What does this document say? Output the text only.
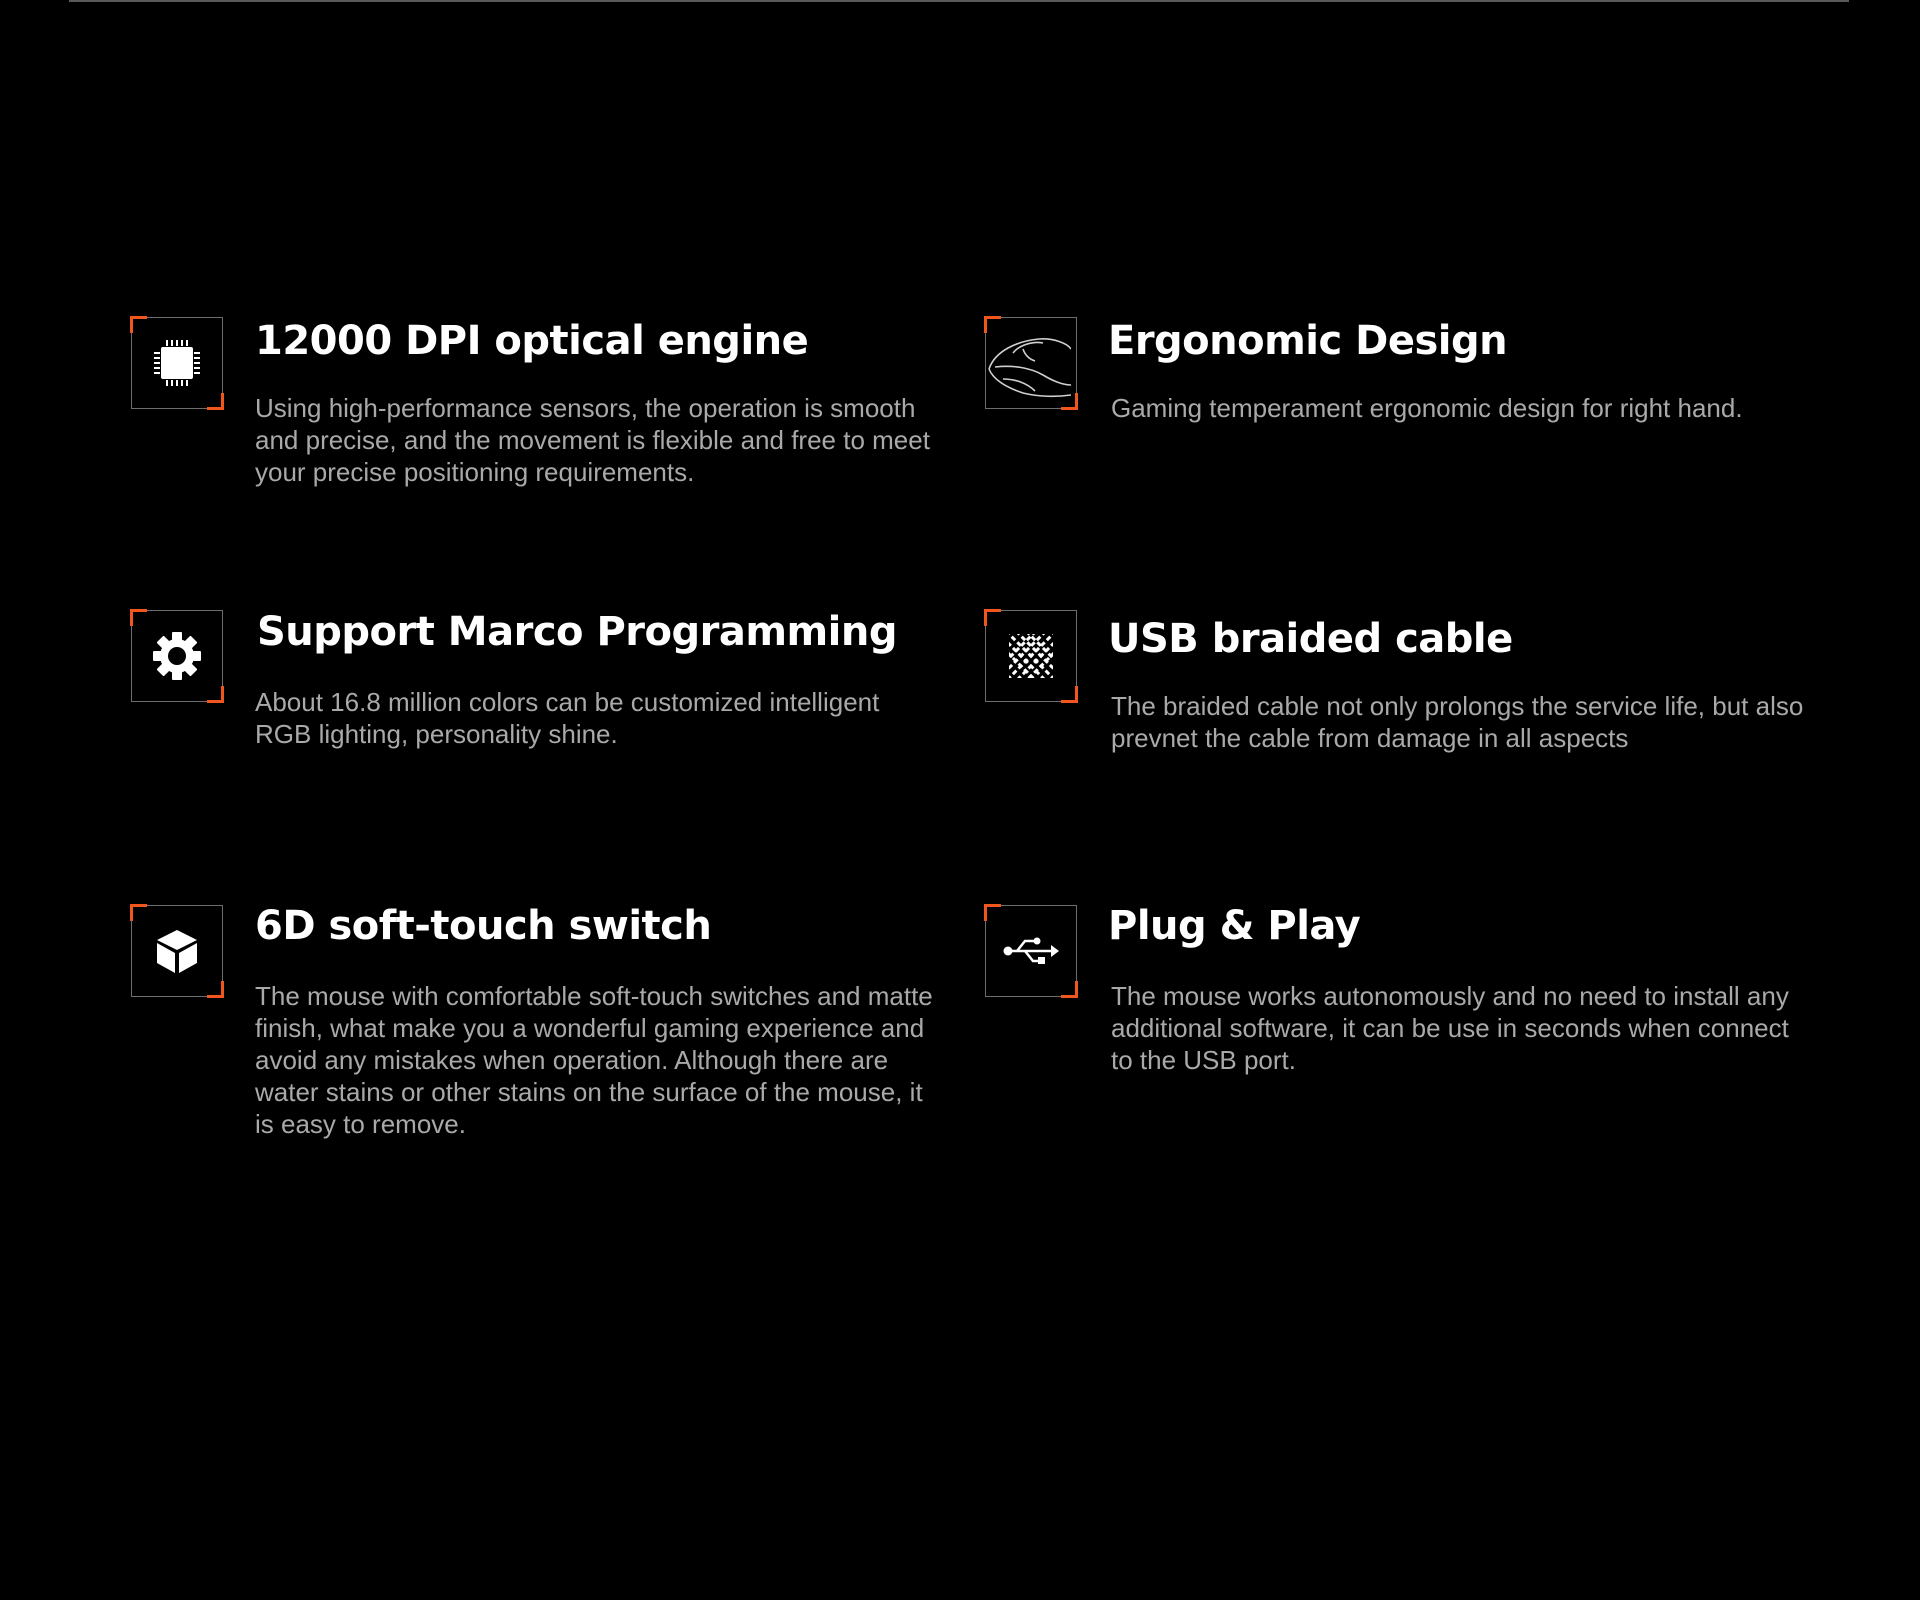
12000 DPI optical engine

Using high-performance sensors, the operation is smooth and precise, and the movement is flexible and free to meet your precise positioning requirements.

Ergonomic Design

Gaming temperament ergonomic design for right hand.

Support Marco Programming

About 16.8 million colors can be customized intelligent RGB lighting, personality shine.

USB braided cable

The braided cable not only prolongs the service life, but also prevnet the cable from damage in all aspects

6D soft-touch switch

The mouse with comfortable soft-touch switches and matte finish, what make you a wonderful gaming experience and avoid any mistakes when operation. Although there are water stains or other stains on the surface of the mouse, it is easy to remove.

Plug & Play

The mouse works autonomously and no need to install any additional software, it can be use in seconds when connect to the USB port.
